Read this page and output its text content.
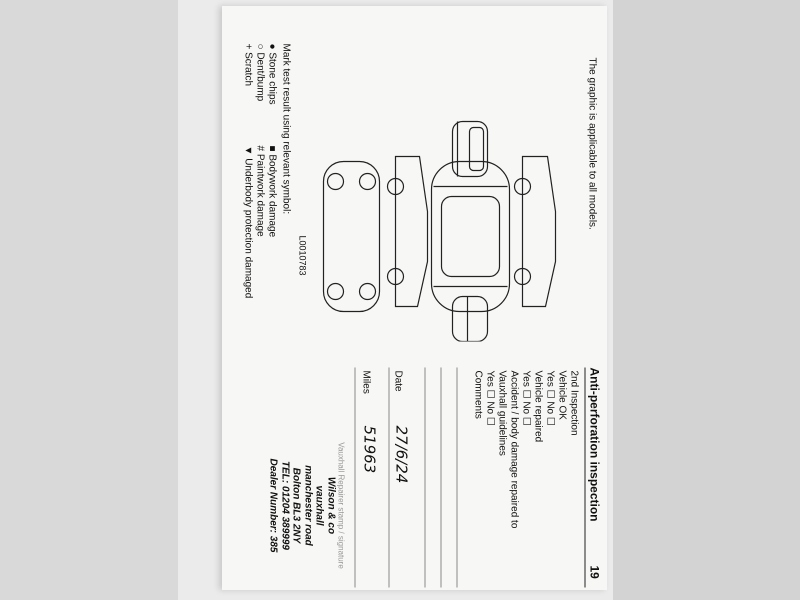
Anti-perforation inspection
19
The graphic is applicable to all models.
L0010783
Mark test result using relevant symbol:
● Stone chips
○ Dent/bump
+ Scratch
■ Bodywork damage
# Paintwork damage
▼ Underbody protection damaged
2nd Inspection
Vehicle OK
Yes ☐ No ☐
Vehicle repaired
Yes ☐ No ☐
Accident / body damage repaired to
Vauxhall guidelines
Yes ☐ No ☐
Comments
Date
27/6/24
Miles
51963
Vauxhall Repairer stamp / signature
Wilson & co
vauxhall
manchester road
Bolton BL3 2NY
TEL: 01204 389999
Dealer Number: 385
